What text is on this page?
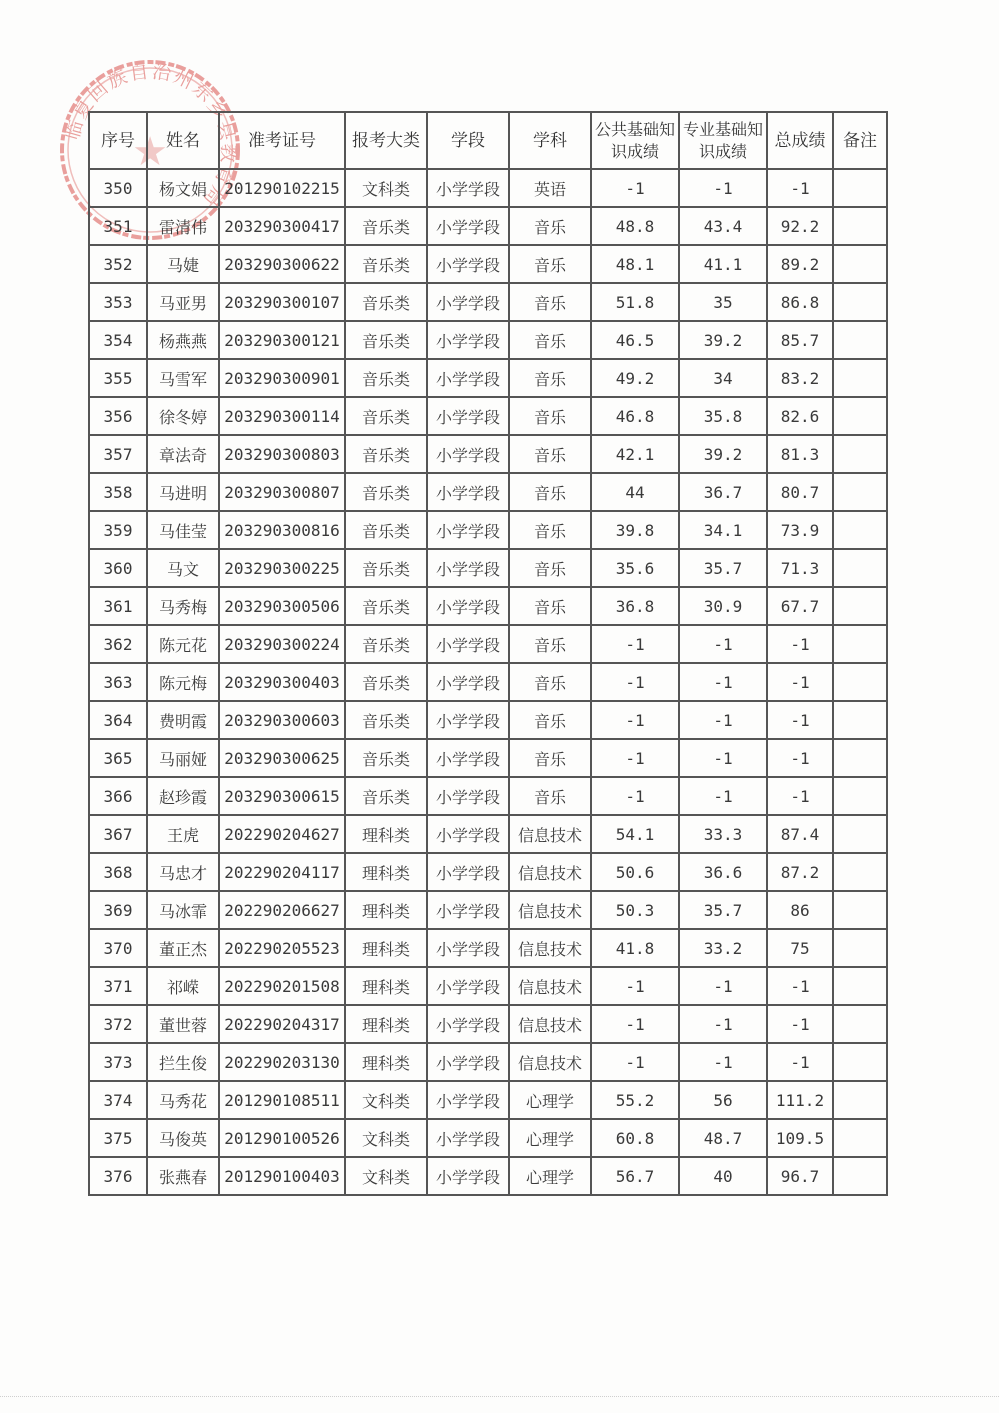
临夏回族自治州东乡县教育局
★
序号	姓名	准考证号	报考大类	学段	学科	公共基础知识成绩	专业基础知识成绩	总成绩	备注
350	杨文娟	201290102215	文科类	小学学段	英语	-1	-1	-1	
351	雷清伟	203290300417	音乐类	小学学段	音乐	48.8	43.4	92.2	
352	马婕	203290300622	音乐类	小学学段	音乐	48.1	41.1	89.2	
353	马亚男	203290300107	音乐类	小学学段	音乐	51.8	35	86.8	
354	杨燕燕	203290300121	音乐类	小学学段	音乐	46.5	39.2	85.7	
355	马雪军	203290300901	音乐类	小学学段	音乐	49.2	34	83.2	
356	徐冬婷	203290300114	音乐类	小学学段	音乐	46.8	35.8	82.6	
357	章法奇	203290300803	音乐类	小学学段	音乐	42.1	39.2	81.3	
358	马进明	203290300807	音乐类	小学学段	音乐	44	36.7	80.7	
359	马佳莹	203290300816	音乐类	小学学段	音乐	39.8	34.1	73.9	
360	马文	203290300225	音乐类	小学学段	音乐	35.6	35.7	71.3	
361	马秀梅	203290300506	音乐类	小学学段	音乐	36.8	30.9	67.7	
362	陈元花	203290300224	音乐类	小学学段	音乐	-1	-1	-1	
363	陈元梅	203290300403	音乐类	小学学段	音乐	-1	-1	-1	
364	费明霞	203290300603	音乐类	小学学段	音乐	-1	-1	-1	
365	马丽娅	203290300625	音乐类	小学学段	音乐	-1	-1	-1	
366	赵珍霞	203290300615	音乐类	小学学段	音乐	-1	-1	-1	
367	王虎	202290204627	理科类	小学学段	信息技术	54.1	33.3	87.4	
368	马忠才	202290204117	理科类	小学学段	信息技术	50.6	36.6	87.2	
369	马冰霏	202290206627	理科类	小学学段	信息技术	50.3	35.7	86	
370	董正杰	202290205523	理科类	小学学段	信息技术	41.8	33.2	75	
371	祁嵘	202290201508	理科类	小学学段	信息技术	-1	-1	-1	
372	董世蓉	202290204317	理科类	小学学段	信息技术	-1	-1	-1	
373	拦生俊	202290203130	理科类	小学学段	信息技术	-1	-1	-1	
374	马秀花	201290108511	文科类	小学学段	心理学	55.2	56	111.2	
375	马俊英	201290100526	文科类	小学学段	心理学	60.8	48.7	109.5	
376	张燕春	201290100403	文科类	小学学段	心理学	56.7	40	96.7	
